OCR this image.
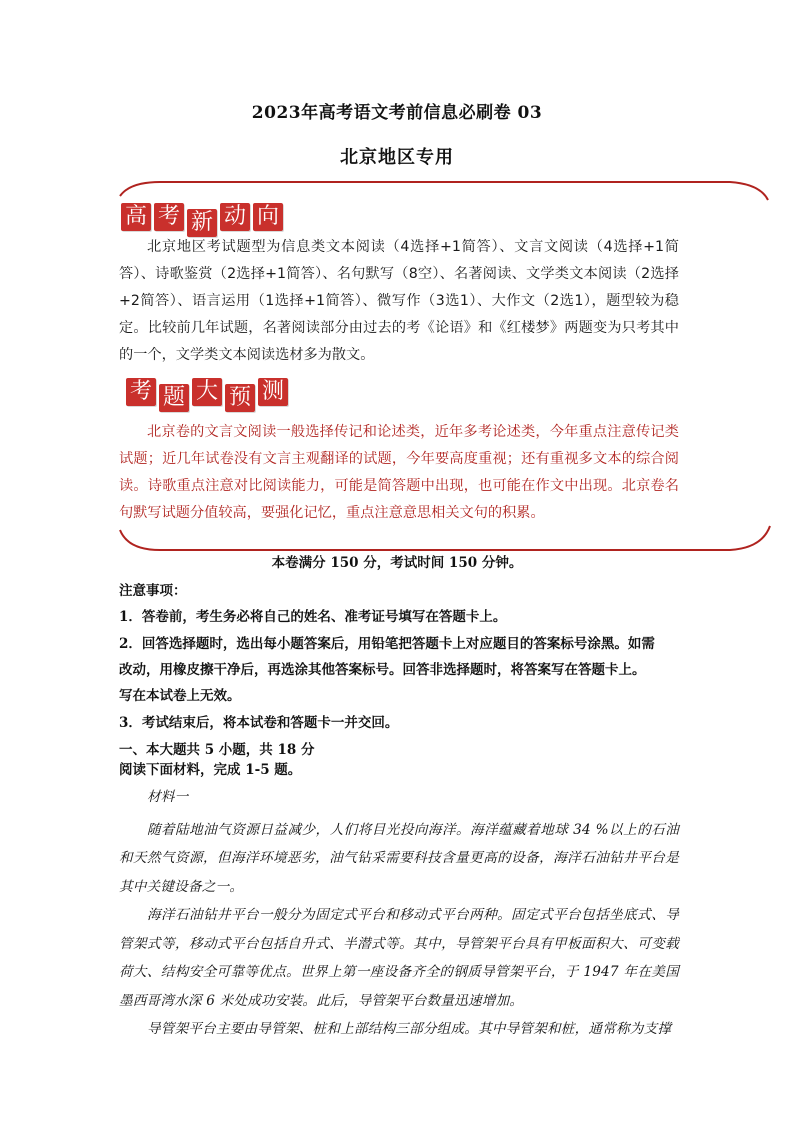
2023年高考语文考前信息必刷卷 03
北京地区专用
高 考 新 动 向
北京地区考试题型为信息类文本阅读（4选择+1简答）、文言文阅读（4选择+1简答）、诗歌鉴赏（2选择+1简答）、名句默写（8空）、名著阅读、文学类文本阅读（2选择+2简答）、语言运用（1选择+1简答）、微写作（3选1）、大作文（2选1），题型较为稳定。比较前几年试题，名著阅读部分由过去的考《论语》和《红楼梦》两题变为只考其中的一个，文学类文本阅读选材多为散文。
考 题 大 预 测
北京卷的文言文阅读一般选择传记和论述类，近年多考论述类，今年重点注意传记类试题；近几年试卷没有文言主观翻译的试题，今年要高度重视；还有重视多文本的综合阅读。诗歌重点注意对比阅读能力，可能是简答题中出现，也可能在作文中出现。北京卷名句默写试题分值较高，要强化记忆，重点注意意思相关文句的积累。
本卷满分 150 分，考试时间 150 分钟。
注意事项：
1．答卷前，考生务必将自己的姓名、准考证号填写在答题卡上。
2．回答选择题时，选出每小题答案后，用铅笔把答题卡上对应题目的答案标号涂黑。如需
改动，用橡皮擦干净后，再选涂其他答案标号。回答非选择题时，将答案写在答题卡上。
写在本试卷上无效。
3．考试结束后，将本试卷和答题卡一并交回。
一、本大题共 5 小题，共 18 分
阅读下面材料，完成 1-5 题。

材料一

随着陆地油气资源日益减少，人们将目光投向海洋。海洋蕴藏着地球 34 %以上的石油和天然气资源，但海洋环境恶劣，油气钻采需要科技含量更高的设备，海洋石油钻井平台是其中关键设备之一。

海洋石油钻井平台一般分为固定式平台和移动式平台两种。固定式平台包括坐底式、导管架式等，移动式平台包括自升式、半潜式等。其中，导管架平台具有甲板面积大、可变载荷大、结构安全可靠等优点。世界上第一座设备齐全的钢质导管架平台，于 1947 年在美国墨西哥湾水深 6 米处成功安装。此后，导管架平台数量迅速增加。

导管架平台主要由导管架、桩和上部结构三部分组成。其中导管架和桩，通常称为支撑
